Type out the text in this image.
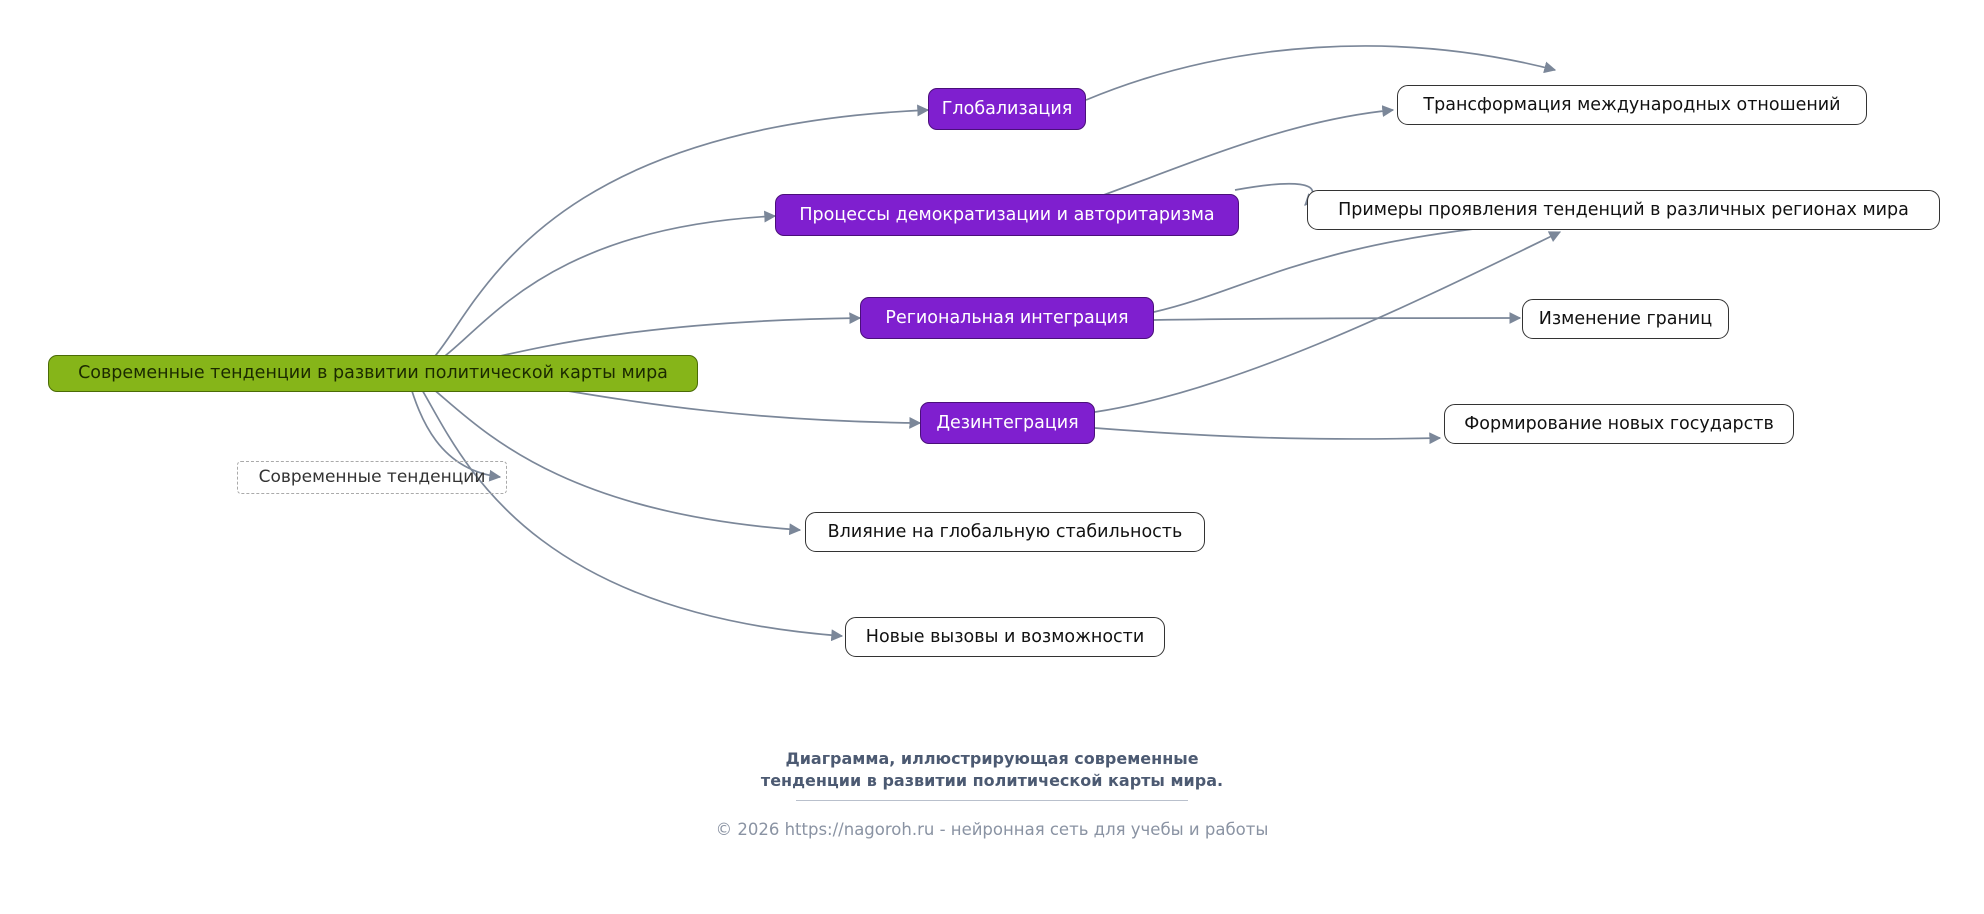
Современные тенденции в развитии политической карты мира
Современные тенденции
Глобализация
Процессы демократизации и авторитаризма
Региональная интеграция
Дезинтеграция
Трансформация международных отношений
Примеры проявления тенденций в различных регионах мира
Изменение границ
Формирование новых государств
Влияние на глобальную стабильность
Новые вызовы и возможности
Диаграмма, иллюстрирующая современные
тенденции в развитии политической карты мира.
© 2026 https://nagoroh.ru - нейронная сеть для учебы и работы
